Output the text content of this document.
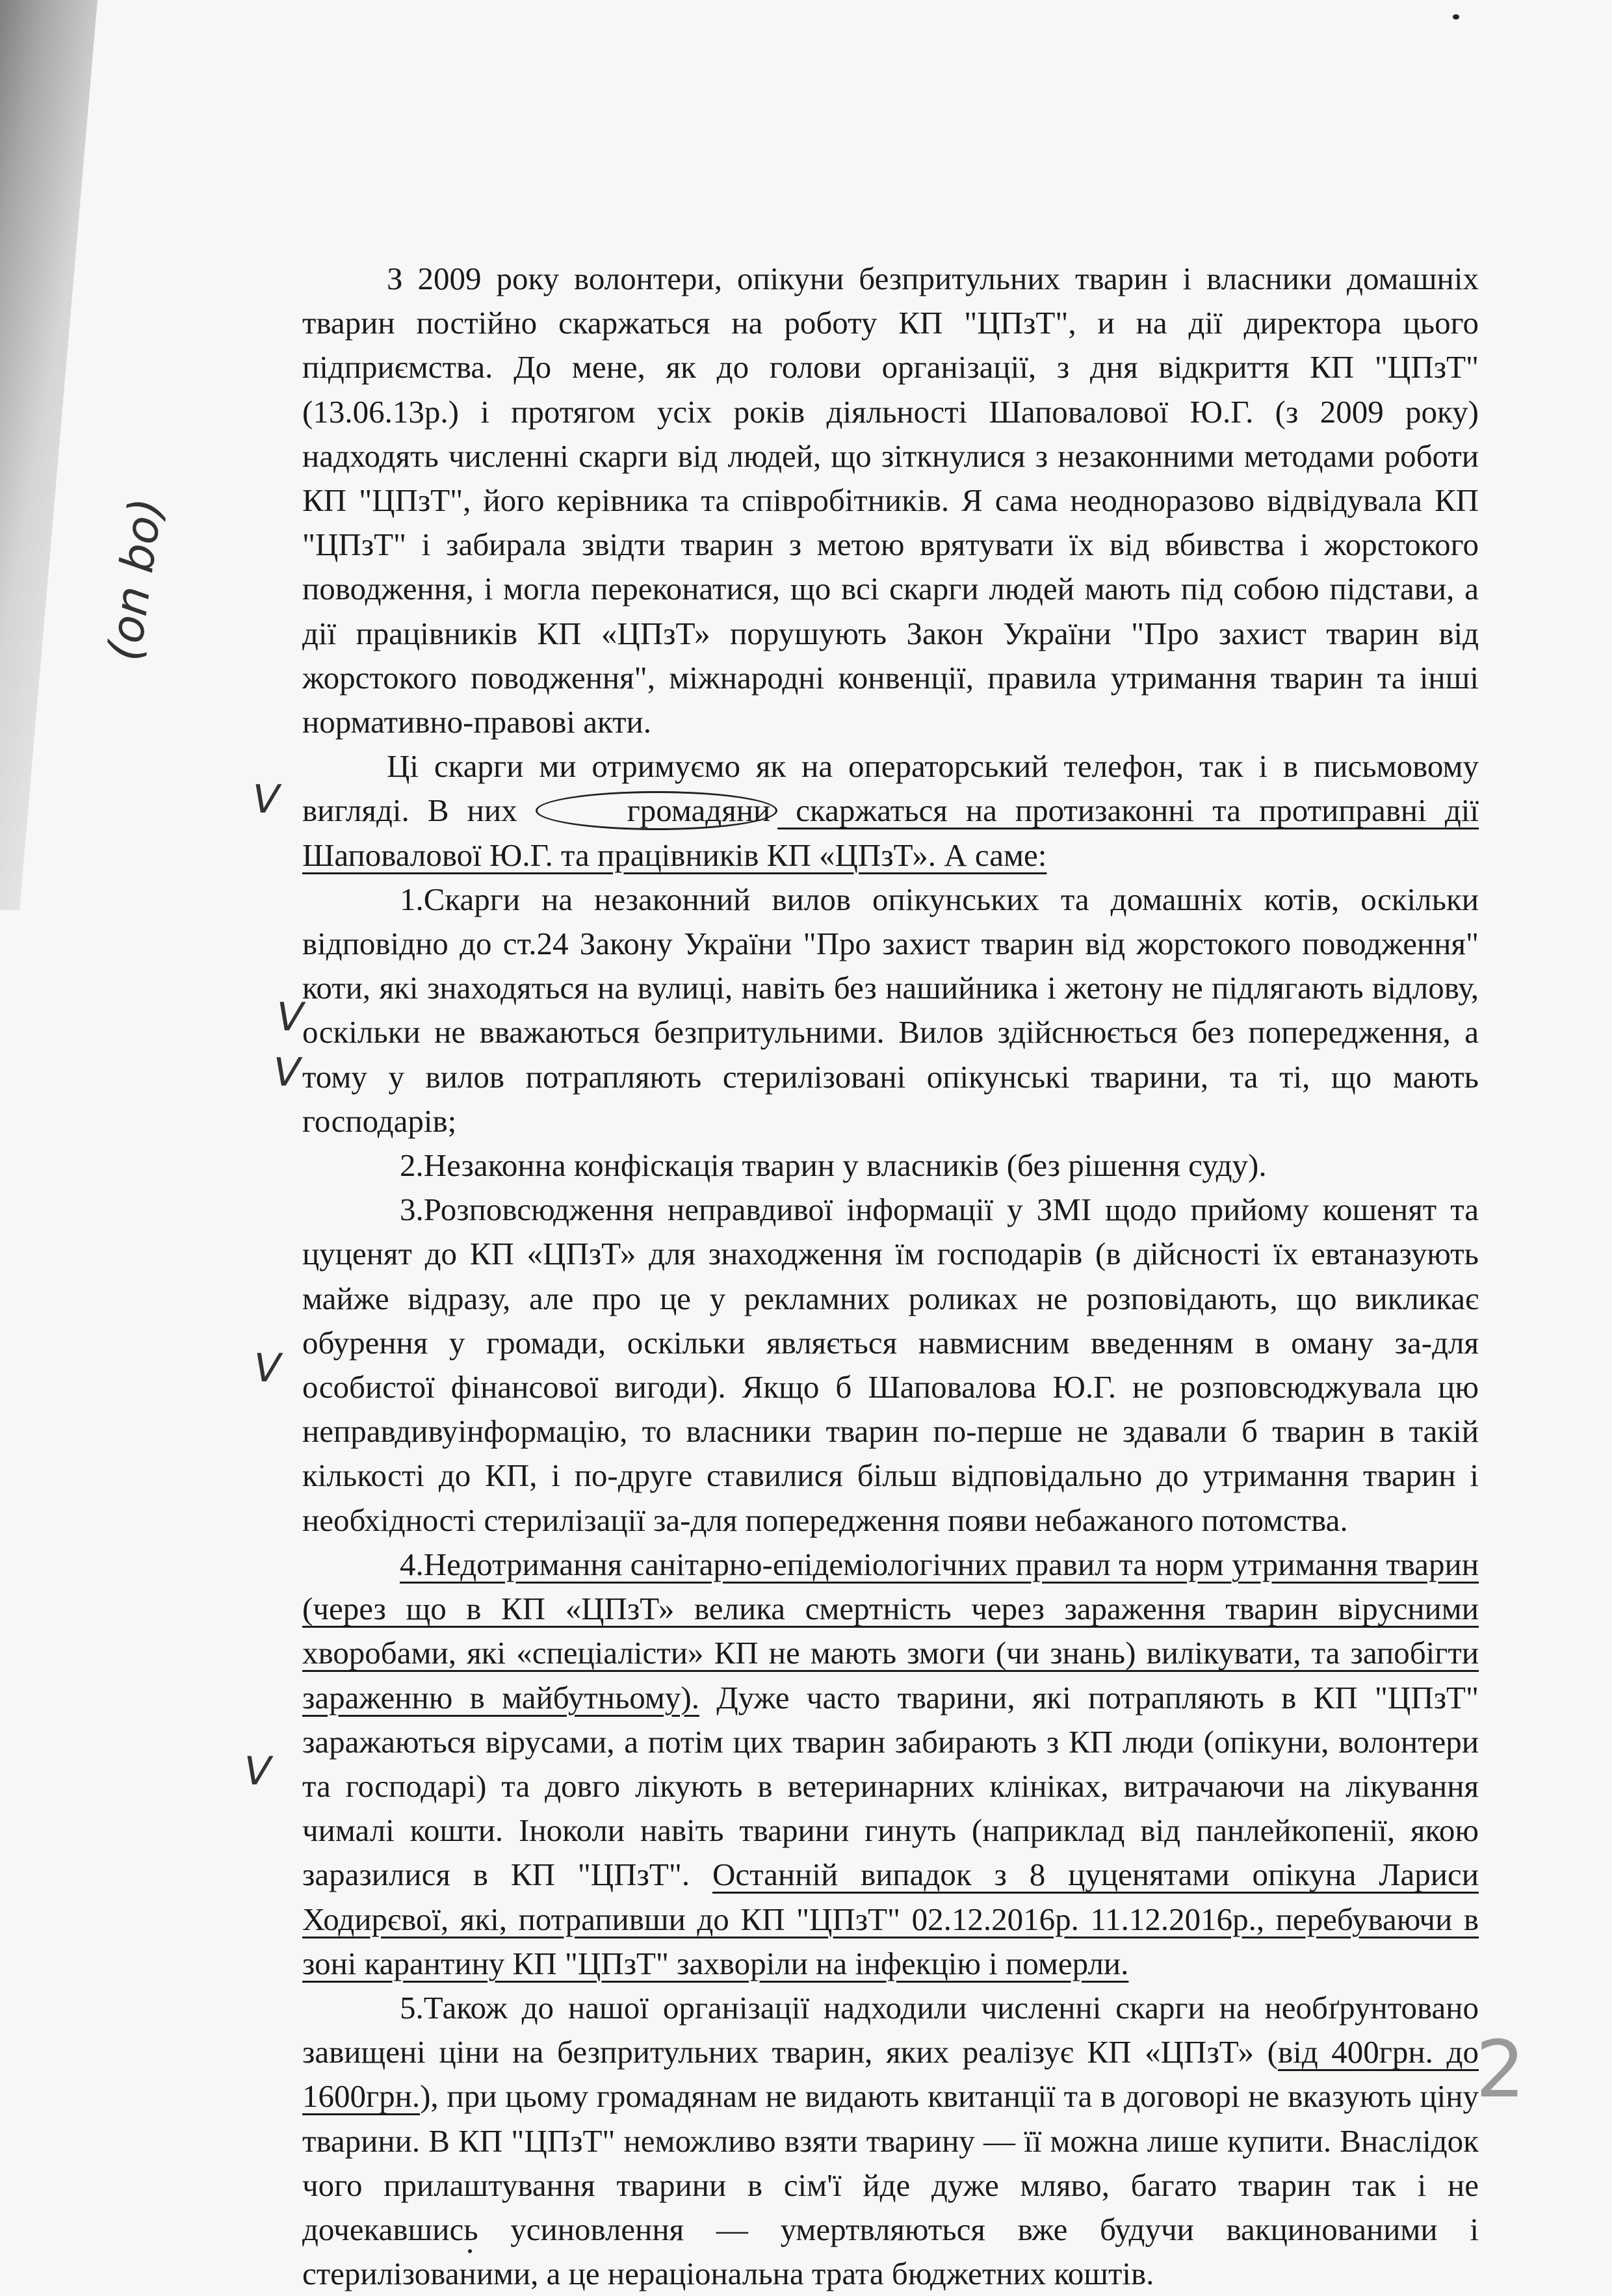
(on bo)
V
V
V
V
V

З 2009 року волонтери, опікуни безпритульних тварин і власники домашніх тварин постійно скаржаться на роботу КП "ЦПзТ", и на дії директора цього підприємства. До мене, як до голови організації, з дня відкриття КП "ЦПзТ" (13.06.13р.) і протягом усіх років діяльності Шаповалової Ю.Г. (з 2009 року) надходять численні скарги від людей, що зіткнулися з незаконними методами роботи КП "ЦПзТ", його керівника та співробітників. Я сама неодноразово відвідувала КП "ЦПзТ" і забирала звідти тварин з метою врятувати їх від вбивства і жорстокого поводження, і могла переконатися, що всі скарги людей мають під собою підстави, а дії працівників КП «ЦПзТ» порушують Закон України "Про захист тварин від жорстокого поводження", міжнародні конвенції, правила утримання тварин та інші нормативно-правові акти.

Ці скарги ми отримуємо як на операторський телефон, так і в письмовому вигляді. В них	громадяни скаржаться на протизаконні та протиправні дії Шаповалової Ю.Г. та працівників КП «ЦПзТ». А саме:

1.Скарги на незаконний вилов опікунських та домашніх котів, оскільки відповідно до ст.24 Закону України "Про захист тварин від жорстокого поводження" коти, які знаходяться на вулиці, навіть без нашийника і жетону не підлягають відлову, оскільки не вважаються безпритульними. Вилов здійснюється без попередження, а тому у вилов потрапляють стерилізовані опікунські тварини, та ті, що мають господарів;

2.Незаконна конфіскація тварин у власників (без рішення суду).

3.Розповсюдження неправдивої інформації у ЗМІ щодо прийому кошенят та цуценят до КП «ЦПзТ» для знаходження їм господарів (в дійсності їх евтаназують майже відразу, але про це у рекламних роликах не розповідають, що викликає обурення у громади, оскільки являється навмисним введенням в оману за-для особистої фінансової вигоди). Якщо б Шаповалова Ю.Г. не розповсюджувала цю неправдивуінформацію, то власники тварин по-перше не здавали б тварин в такій кількості до КП, і по-друге ставилися більш відповідально до утримання тварин і необхідності стерилізації за-для попередження появи небажаного потомства.

4.Недотримання санітарно-епідеміологічних правил та норм утримання тварин (через що в КП «ЦПзТ» велика смертність через зараження тварин вірусними хворобами, які «спеціалісти» КП не мають змоги (чи знань) вилікувати, та запобігти зараженню в майбутньому). Дуже часто тварини, які потрапляють в КП "ЦПзТ" заражаються вірусами, а потім цих тварин забирають з КП люди (опікуни, волонтери та господарі) та довго лікують в ветеринарних клініках, витрачаючи на лікування чималі кошти. Іноколи навіть тварини гинуть (наприклад від панлейкопенії, якою заразилися в КП "ЦПзТ". Останній випадок з 8 цуценятами опікуна Лариси Ходирєвої, які, потрапивши до КП "ЦПзТ" 02.12.2016р. 11.12.2016р., перебуваючи в зоні карантину КП "ЦПзТ" захворіли на інфекцію і померли.

5.Також до нашої організації надходили численні скарги на необґрунтовано завищені ціни на безпритульних тварин, яких реалізує КП «ЦПзТ» (від 400грн. до 1600грн.), при цьому громадянам не видають квитанції та в договорі не вказують ціну тварини. В КП "ЦПзТ" неможливо взяти тварину — її можна лише купити. Внаслідок чого прилаштування тварини в сім'ї йде дуже мляво, багато тварин так і не дочекавшись усиновлення — умертвляються вже будучи вакцинованими і стерилізованими, а це нераціональна трата бюджетних коштів.

2
